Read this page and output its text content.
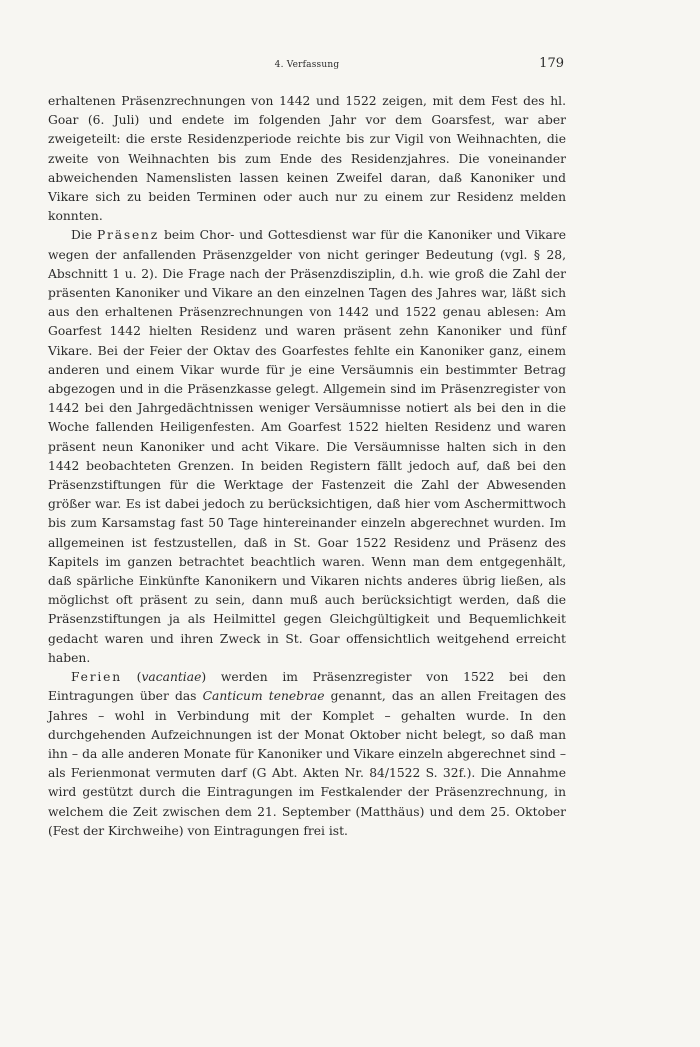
4. Verfassung	179

erhaltenen Präsenzrechnungen von 1442 und 1522 zeigen, mit dem Fest des hl. Goar (6. Juli) und endete im folgenden Jahr vor dem Goarsfest, war aber zweigeteilt: die erste Residenzperiode reichte bis zur Vigil von Weihnachten, die zweite von Weihnachten bis zum Ende des Residenzjahres. Die voneinander abweichenden Namenslisten lassen keinen Zweifel daran, daß Kanoniker und Vikare sich zu beiden Terminen oder auch nur zu einem zur Residenz melden konnten.

Die Präsenz beim Chor- und Gottesdienst war für die Kanoniker und Vikare wegen der anfallenden Präsenzgelder von nicht geringer Bedeutung (vgl. § 28, Abschnitt 1 u. 2). Die Frage nach der Präsenzdisziplin, d.h. wie groß die Zahl der präsenten Kanoniker und Vikare an den einzelnen Tagen des Jahres war, läßt sich aus den erhaltenen Präsenzrechnungen von 1442 und 1522 genau ablesen: Am Goarfest 1442 hielten Residenz und waren präsent zehn Kanoniker und fünf Vikare. Bei der Feier der Oktav des Goarfestes fehlte ein Kanoniker ganz, einem anderen und einem Vikar wurde für je eine Versäumnis ein bestimmter Betrag abgezogen und in die Präsenzkasse gelegt. Allgemein sind im Präsenzregister von 1442 bei den Jahrgedächtnissen weniger Versäumnisse notiert als bei den in die Woche fallenden Heiligenfesten. Am Goarfest 1522 hielten Residenz und waren präsent neun Kanoniker und acht Vikare. Die Versäumnisse halten sich in den 1442 beobachteten Grenzen. In beiden Registern fällt jedoch auf, daß bei den Präsenzstiftungen für die Werktage der Fastenzeit die Zahl der Abwesenden größer war. Es ist dabei jedoch zu berücksichtigen, daß hier vom Aschermittwoch bis zum Karsamstag fast 50 Tage hintereinander einzeln abgerechnet wurden. Im allgemeinen ist festzustellen, daß in St. Goar 1522 Residenz und Präsenz des Kapitels im ganzen betrachtet beachtlich waren. Wenn man dem entgegenhält, daß spärliche Einkünfte Kanonikern und Vikaren nichts anderes übrig ließen, als möglichst oft präsent zu sein, dann muß auch berücksichtigt werden, daß die Präsenzstiftungen ja als Heilmittel gegen Gleichgültigkeit und Bequemlichkeit gedacht waren und ihren Zweck in St. Goar offensichtlich weitgehend erreicht haben.

Ferien (vacantiae) werden im Präsenzregister von 1522 bei den Eintragungen über das Canticum tenebrae genannt, das an allen Freitagen des Jahres – wohl in Verbindung mit der Komplet – gehalten wurde. In den durchgehenden Aufzeichnungen ist der Monat Oktober nicht belegt, so daß man ihn – da alle anderen Monate für Kanoniker und Vikare einzeln abgerechnet sind – als Ferienmonat vermuten darf (G Abt. Akten Nr. 84/1522 S. 32f.). Die Annahme wird gestützt durch die Eintragungen im Festkalender der Präsenzrechnung, in welchem die Zeit zwischen dem 21. September (Matthäus) und dem 25. Oktober (Fest der Kirchweihe) von Eintragungen frei ist.
